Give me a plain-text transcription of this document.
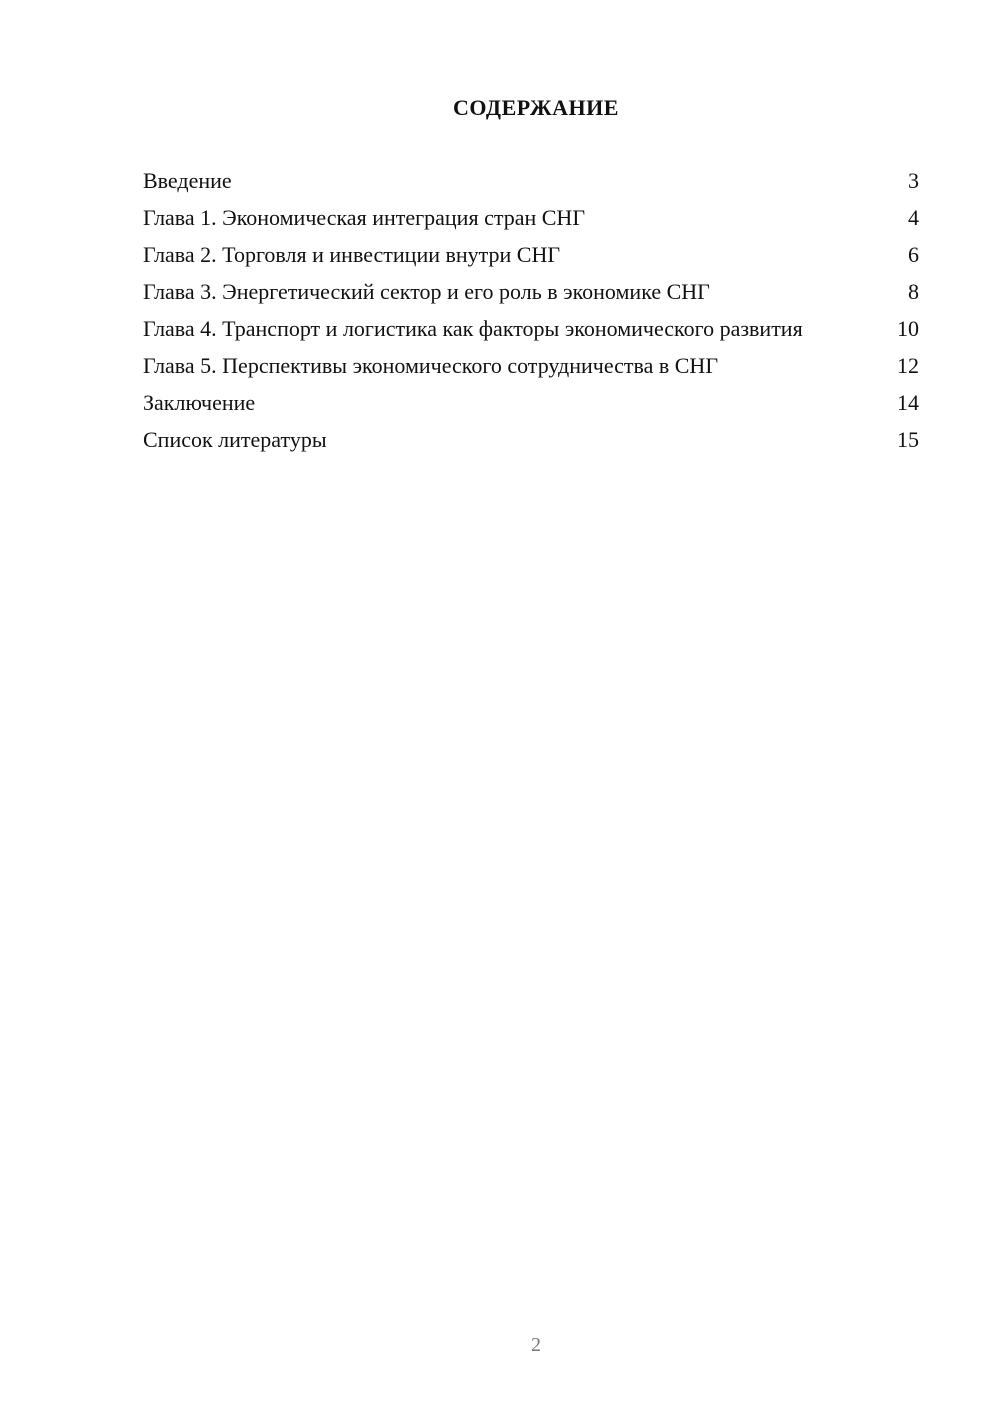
СОДЕРЖАНИЕ
Введение	3
Глава 1. Экономическая интеграция стран СНГ	4
Глава 2. Торговля и инвестиции внутри СНГ	6
Глава 3. Энергетический сектор и его роль в экономике СНГ	8
Глава 4. Транспорт и логистика как факторы экономического развития	10
Глава 5. Перспективы экономического сотрудничества в СНГ	12
Заключение	14
Список литературы	15
2
